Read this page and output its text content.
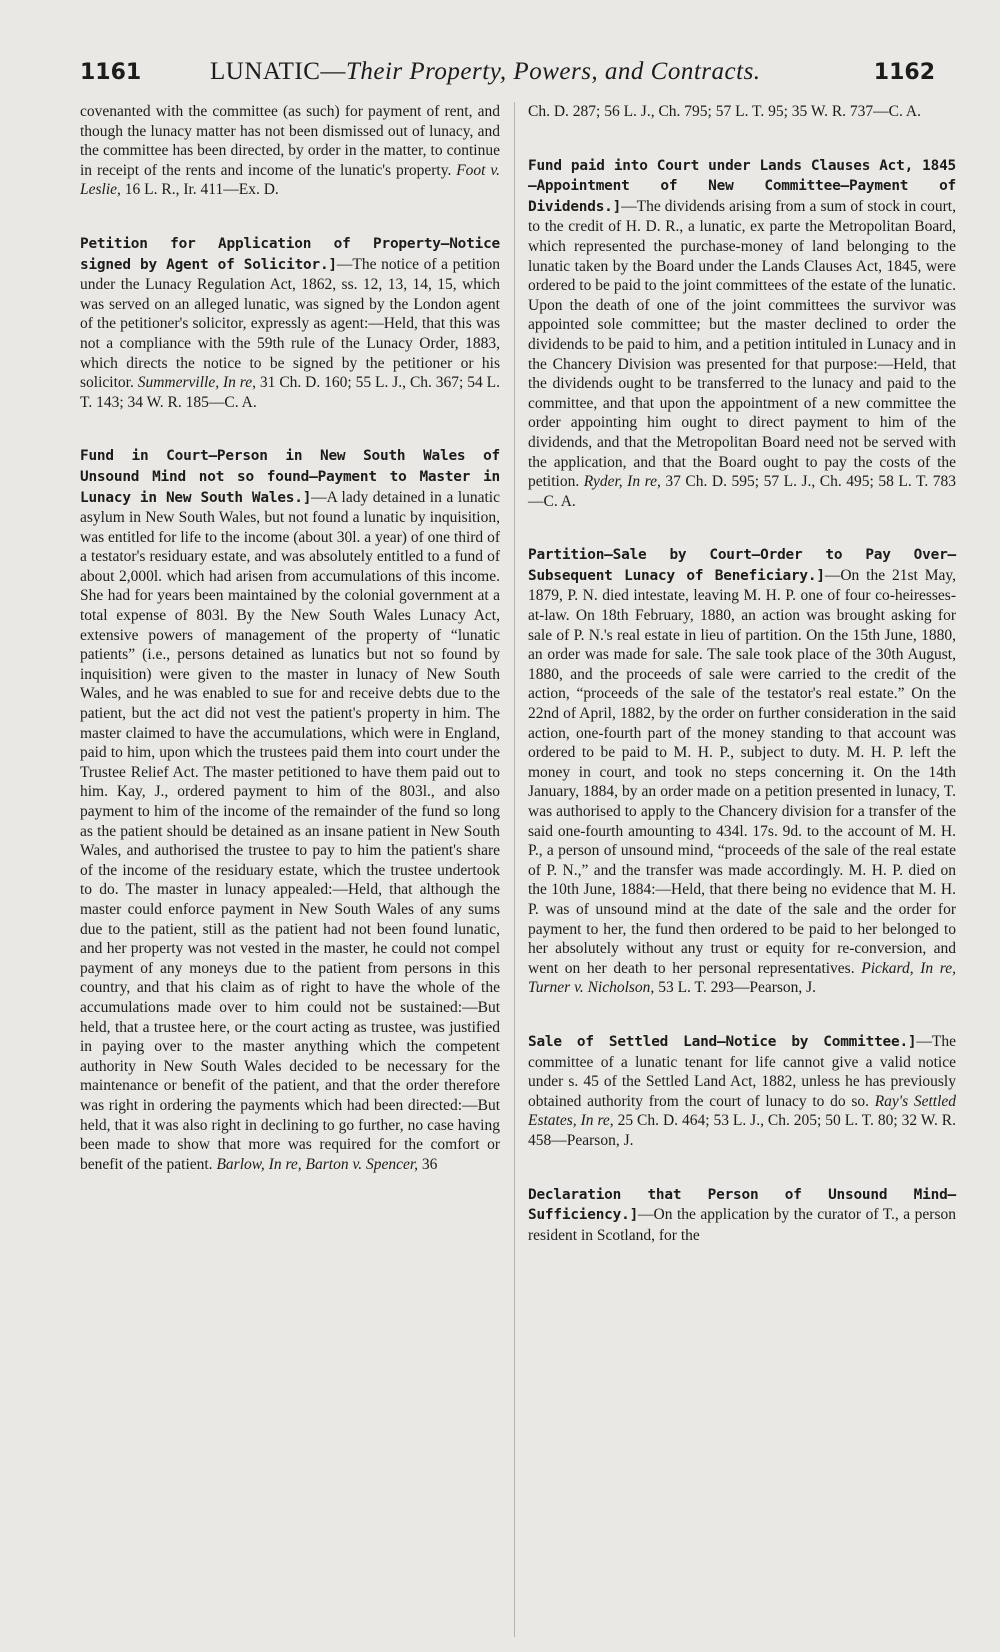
1161	LUNATIC—Their Property, Powers, and Contracts.	1162

covenanted with the committee (as such) for payment of rent, and though the lunacy matter has not been dismissed out of lunacy, and the committee has been directed, by order in the matter, to continue in receipt of the rents and income of the lunatic's property. Foot v. Leslie, 16 L. R., Ir. 411—Ex. D.

Petition for Application of Property—Notice signed by Agent of Solicitor.]—The notice of a petition under the Lunacy Regulation Act, 1862, ss. 12, 13, 14, 15, which was served on an alleged lunatic, was signed by the London agent of the petitioner's solicitor, expressly as agent:—Held, that this was not a compliance with the 59th rule of the Lunacy Order, 1883, which directs the notice to be signed by the petitioner or his solicitor. Summerville, In re, 31 Ch. D. 160; 55 L. J., Ch. 367; 54 L. T. 143; 34 W. R. 185—C. A.

Fund in Court—Person in New South Wales of Unsound Mind not so found—Payment to Master in Lunacy in New South Wales.]—A lady detained in a lunatic asylum in New South Wales, but not found a lunatic by inquisition, was entitled for life to the income (about 30l. a year) of one third of a testator's residuary estate, and was absolutely entitled to a fund of about 2,000l. which had arisen from accumulations of this income. She had for years been maintained by the colonial government at a total expense of 803l. By the New South Wales Lunacy Act, extensive powers of management of the property of “lunatic patients” (i.e., persons detained as lunatics but not so found by inquisition) were given to the master in lunacy of New South Wales, and he was enabled to sue for and receive debts due to the patient, but the act did not vest the patient's property in him. The master claimed to have the accumulations, which were in England, paid to him, upon which the trustees paid them into court under the Trustee Relief Act. The master petitioned to have them paid out to him. Kay, J., ordered payment to him of the 803l., and also payment to him of the income of the remainder of the fund so long as the patient should be detained as an insane patient in New South Wales, and authorised the trustee to pay to him the patient's share of the income of the residuary estate, which the trustee undertook to do. The master in lunacy appealed:—Held, that although the master could enforce payment in New South Wales of any sums due to the patient, still as the patient had not been found lunatic, and her property was not vested in the master, he could not compel payment of any moneys due to the patient from persons in this country, and that his claim as of right to have the whole of the accumulations made over to him could not be sustained:—But held, that a trustee here, or the court acting as trustee, was justified in paying over to the master anything which the competent authority in New South Wales decided to be necessary for the maintenance or benefit of the patient, and that the order therefore was right in ordering the payments which had been directed:—But held, that it was also right in declining to go further, no case having been made to show that more was required for the comfort or benefit of the patient. Barlow, In re, Barton v. Spencer, 36

Ch. D. 287; 56 L. J., Ch. 795; 57 L. T. 95; 35 W. R. 737—C. A.

Fund paid into Court under Lands Clauses Act, 1845—Appointment of New Committee—Payment of Dividends.]—The dividends arising from a sum of stock in court, to the credit of H. D. R., a lunatic, ex parte the Metropolitan Board, which represented the purchase-money of land belonging to the lunatic taken by the Board under the Lands Clauses Act, 1845, were ordered to be paid to the joint committees of the estate of the lunatic. Upon the death of one of the joint committees the survivor was appointed sole committee; but the master declined to order the dividends to be paid to him, and a petition intituled in Lunacy and in the Chancery Division was presented for that purpose:—Held, that the dividends ought to be transferred to the lunacy and paid to the committee, and that upon the appointment of a new committee the order appointing him ought to direct payment to him of the dividends, and that the Metropolitan Board need not be served with the application, and that the Board ought to pay the costs of the petition. Ryder, In re, 37 Ch. D. 595; 57 L. J., Ch. 495; 58 L. T. 783—C. A.

Partition—Sale by Court—Order to Pay Over—Subsequent Lunacy of Beneficiary.]—On the 21st May, 1879, P. N. died intestate, leaving M. H. P. one of four co-heiresses-at-law. On 18th February, 1880, an action was brought asking for sale of P. N.'s real estate in lieu of partition. On the 15th June, 1880, an order was made for sale. The sale took place of the 30th August, 1880, and the proceeds of sale were carried to the credit of the action, “proceeds of the sale of the testator's real estate.” On the 22nd of April, 1882, by the order on further consideration in the said action, one-fourth part of the money standing to that account was ordered to be paid to M. H. P., subject to duty. M. H. P. left the money in court, and took no steps concerning it. On the 14th January, 1884, by an order made on a petition presented in lunacy, T. was authorised to apply to the Chancery division for a transfer of the said one-fourth amounting to 434l. 17s. 9d. to the account of M. H. P., a person of unsound mind, “proceeds of the sale of the real estate of P. N.,” and the transfer was made accordingly. M. H. P. died on the 10th June, 1884:—Held, that there being no evidence that M. H. P. was of unsound mind at the date of the sale and the order for payment to her, the fund then ordered to be paid to her belonged to her absolutely without any trust or equity for re-conversion, and went on her death to her personal representatives. Pickard, In re, Turner v. Nicholson, 53 L. T. 293—Pearson, J.

Sale of Settled Land—Notice by Committee.]—The committee of a lunatic tenant for life cannot give a valid notice under s. 45 of the Settled Land Act, 1882, unless he has previously obtained authority from the court of lunacy to do so. Ray's Settled Estates, In re, 25 Ch. D. 464; 53 L. J., Ch. 205; 50 L. T. 80; 32 W. R. 458—Pearson, J.

Declaration that Person of Unsound Mind—Sufficiency.]—On the application by the curator of T., a person resident in Scotland, for the
